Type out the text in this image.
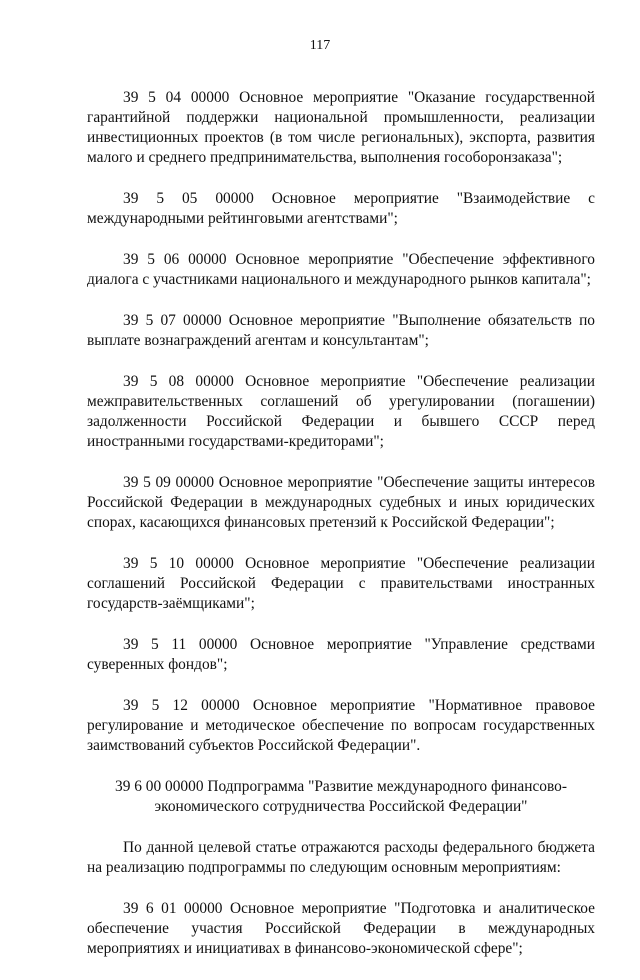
117

39 5 04 00000 Основное мероприятие "Оказание государственной гарантийной поддержки национальной промышленности, реализации инвестиционных проектов (в том числе региональных), экспорта, развития малого и среднего предпринимательства, выполнения гособоронзаказа";

39 5 05 00000 Основное мероприятие "Взаимодействие с международными рейтинговыми агентствами";

39 5 06 00000 Основное мероприятие "Обеспечение эффективного диалога с участниками национального и международного рынков капитала";

39 5 07 00000 Основное мероприятие "Выполнение обязательств по выплате вознаграждений агентам и консультантам";

39 5 08 00000 Основное мероприятие "Обеспечение реализации межправительственных соглашений об урегулировании (погашении) задолженности Российской Федерации и бывшего СССР перед иностранными государствами-кредиторами";

39 5 09 00000 Основное мероприятие "Обеспечение защиты интересов Российской Федерации в международных судебных и иных юридических спорах, касающихся финансовых претензий к Российской Федерации";

39 5 10 00000 Основное мероприятие "Обеспечение реализации соглашений Российской Федерации с правительствами иностранных государств-заёмщиками";

39 5 11 00000 Основное мероприятие "Управление средствами суверенных фондов";

39 5 12 00000 Основное мероприятие "Нормативное правовое регулирование и методическое обеспечение по вопросам государственных заимствований субъектов Российской Федерации".

39 6 00 00000 Подпрограмма "Развитие международного финансово-экономического сотрудничества Российской Федерации"

По данной целевой статье отражаются расходы федерального бюджета на реализацию подпрограммы по следующим основным мероприятиям:

39 6 01 00000 Основное мероприятие "Подготовка и аналитическое обеспечение участия Российской Федерации в международных мероприятиях и инициативах в финансово-экономической сфере";
